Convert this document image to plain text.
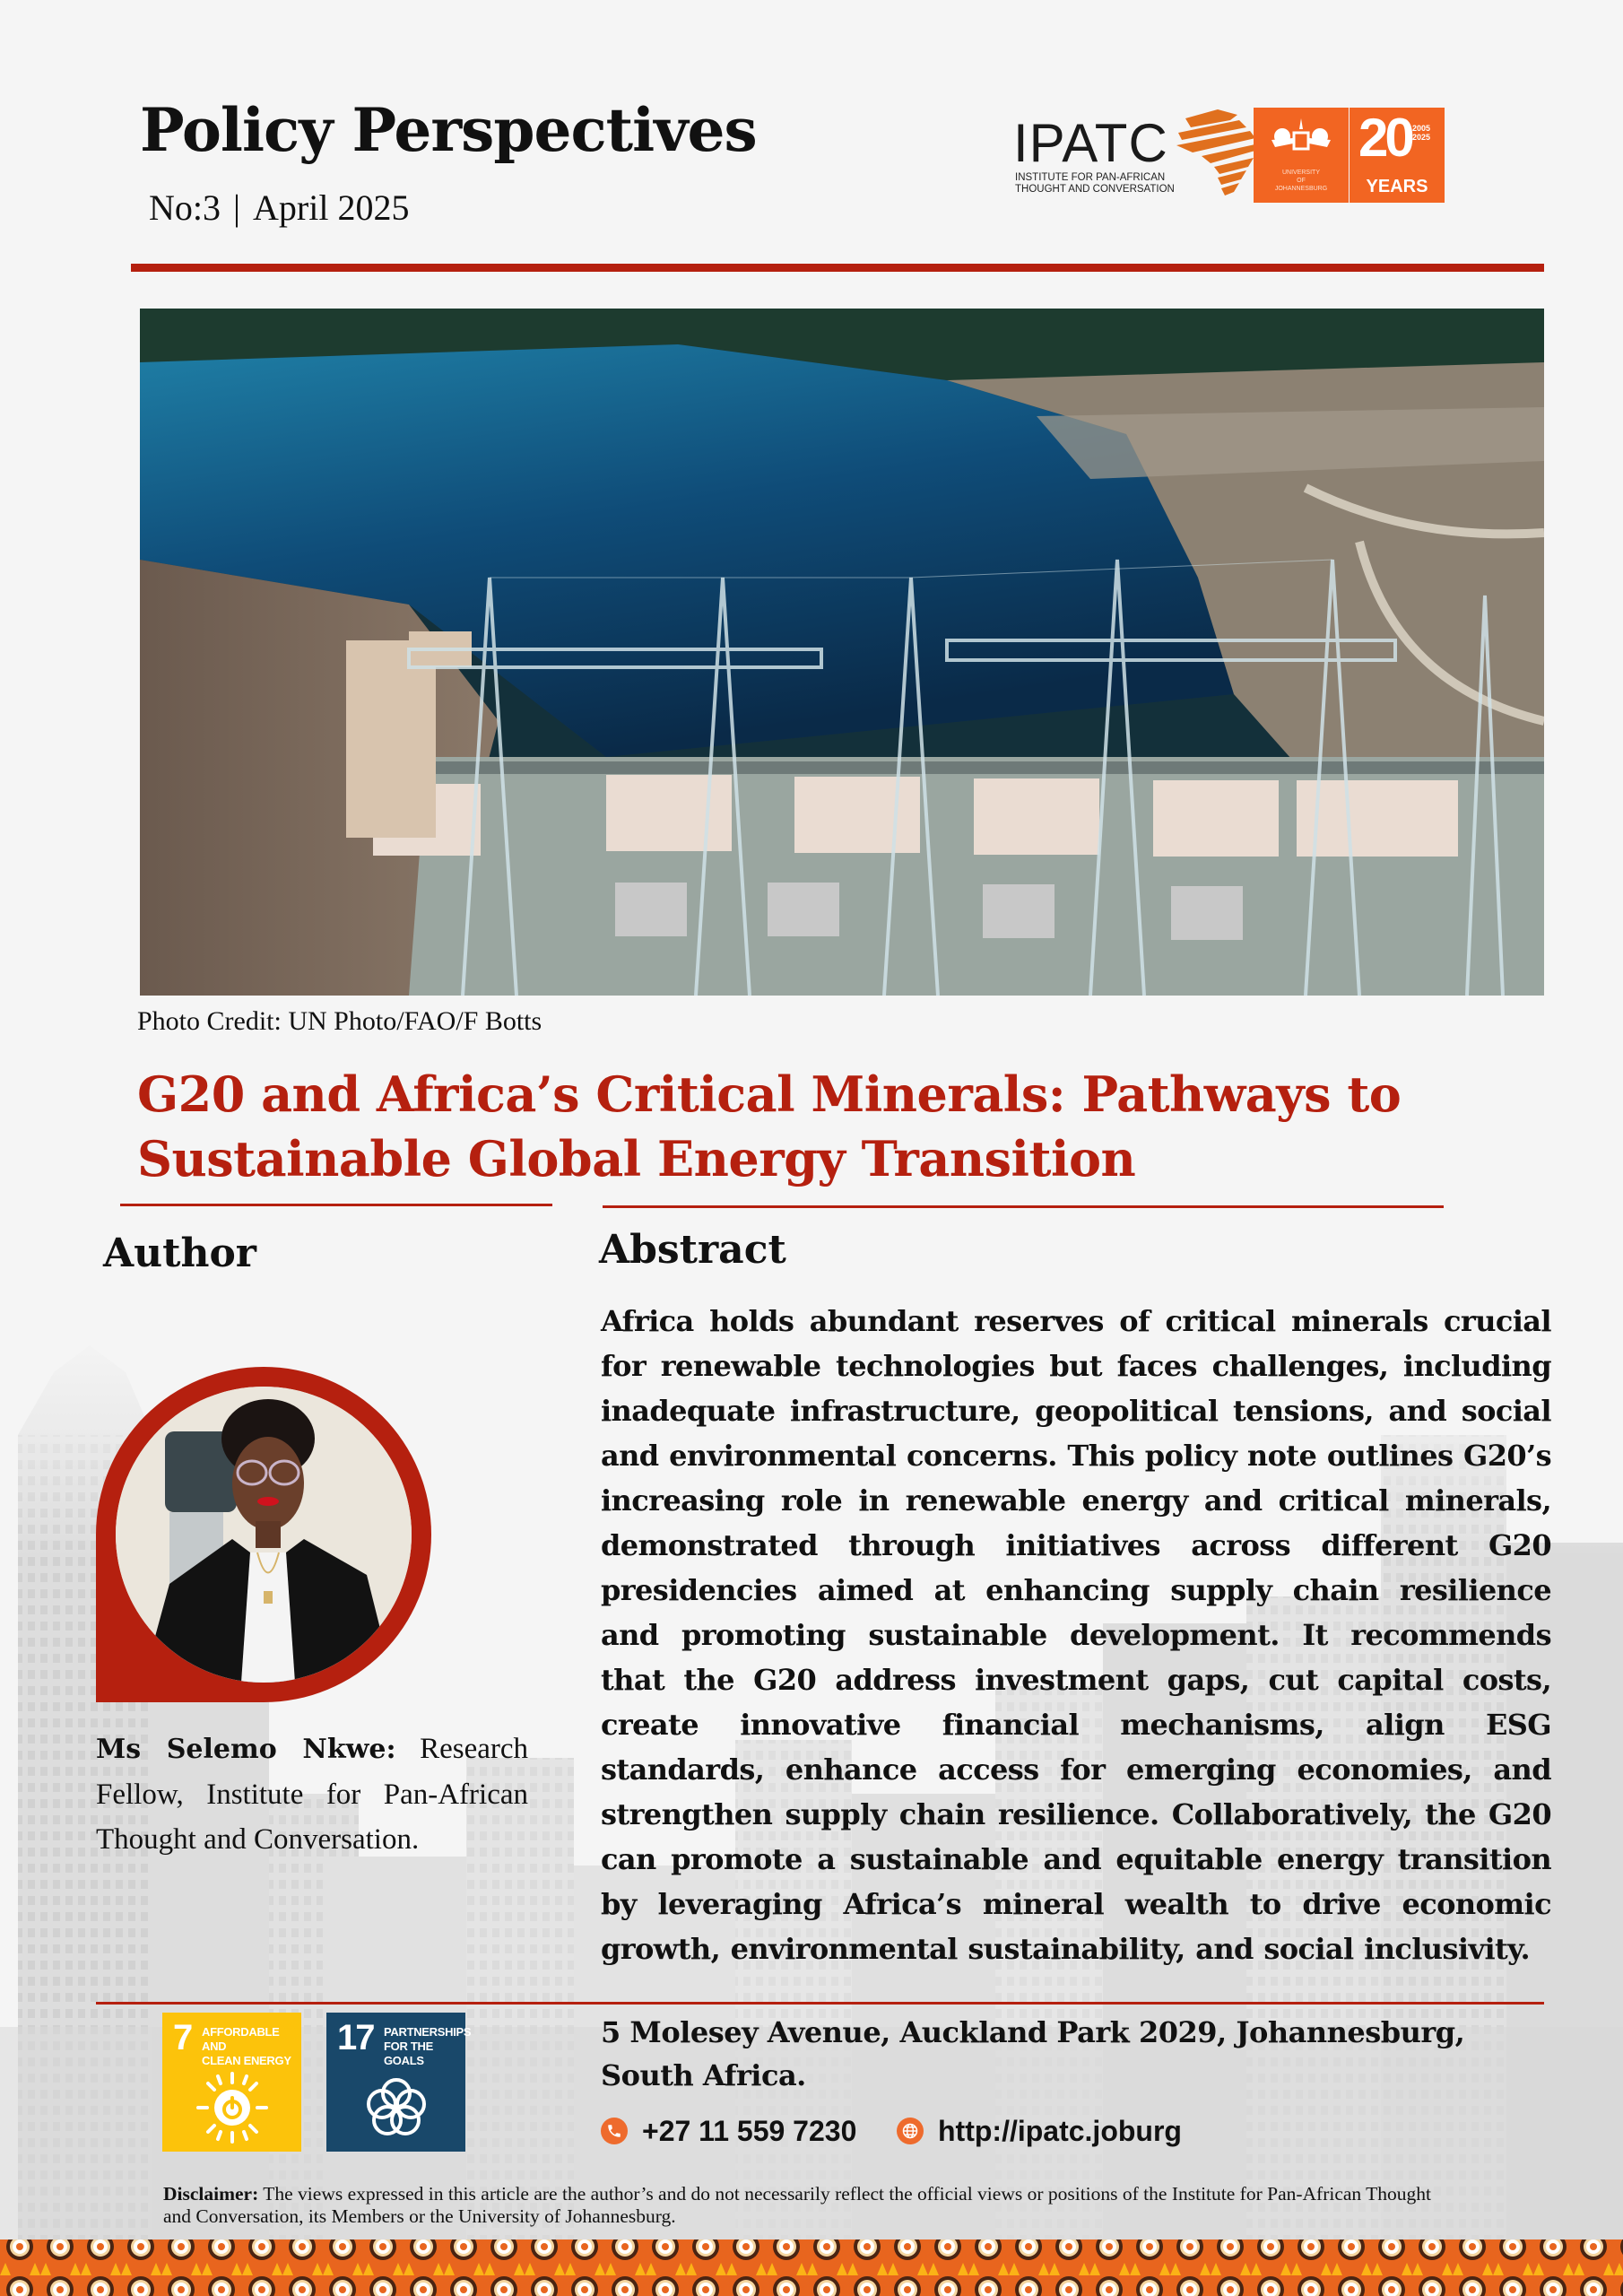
Policy Perspectives
No:3 | April 2025
IPATC
INSTITUTE FOR PAN-AFRICAN
THOUGHT AND CONVERSATION
UNIVERSITY
OF
JOHANNESBURG
20 2005
2025
YEARS
Photo Credit: UN Photo/FAO/F Botts
G20 and Africa’s Critical Minerals: Pathways to Sustainable Global Energy Transition
Author	Abstract

Ms Selemo Nkwe: Research Fellow, Institute for Pan-African Thought and Conversation.

Africa holds abundant reserves of critical minerals crucial for renewable technologies but faces challenges, including inadequate infrastructure, geopolitical tensions, and social and environmental concerns. This policy note outlines G20’s increasing role in renewable energy and critical minerals, demonstrated through initiatives across different G20 presidencies aimed at enhancing supply chain resilience and promoting sustainable development. It recommends that the G20 address investment gaps, cut capital costs, create innovative financial mechanisms, align ESG standards, enhance access for emerging economies, and strengthen supply chain resilience. Collaboratively, the G20 can promote a sustainable and equitable energy transition by leveraging Africa’s mineral wealth to drive economic growth, environmental sustainability, and social inclusivity.

7 AFFORDABLE AND
CLEAN ENERGY
17 PARTNERSHIPS
FOR THE GOALS
5 Molesey Avenue, Auckland Park 2029, Johannesburg,
South Africa.
+27 11 559 7230	http://ipatc.joburg

Disclaimer: The views expressed in this article are the author’s and do not necessarily reflect the official views or positions of the Institute for Pan-African Thought and Conversation, its Members or the University of Johannesburg.
